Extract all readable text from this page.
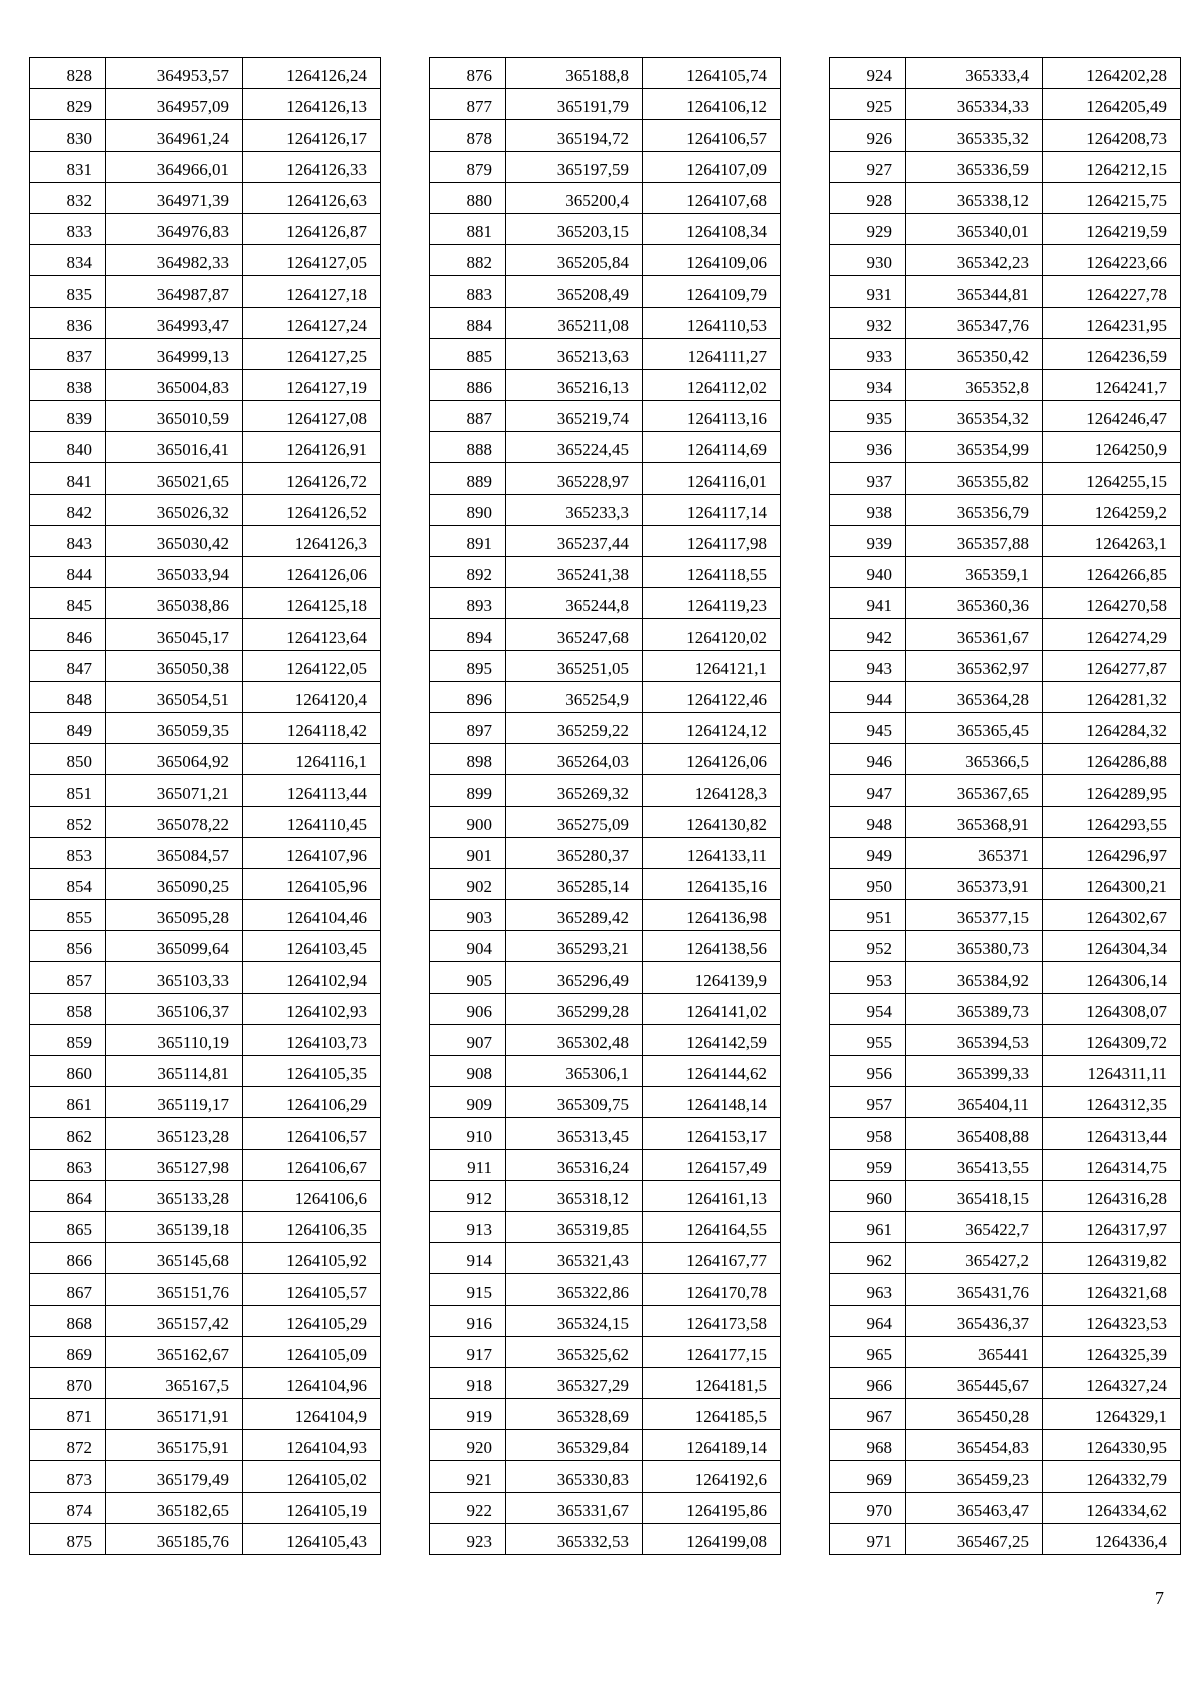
828	364953,57	1264126,24
829	364957,09	1264126,13
830	364961,24	1264126,17
831	364966,01	1264126,33
832	364971,39	1264126,63
833	364976,83	1264126,87
834	364982,33	1264127,05
835	364987,87	1264127,18
836	364993,47	1264127,24
837	364999,13	1264127,25
838	365004,83	1264127,19
839	365010,59	1264127,08
840	365016,41	1264126,91
841	365021,65	1264126,72
842	365026,32	1264126,52
843	365030,42	1264126,3
844	365033,94	1264126,06
845	365038,86	1264125,18
846	365045,17	1264123,64
847	365050,38	1264122,05
848	365054,51	1264120,4
849	365059,35	1264118,42
850	365064,92	1264116,1
851	365071,21	1264113,44
852	365078,22	1264110,45
853	365084,57	1264107,96
854	365090,25	1264105,96
855	365095,28	1264104,46
856	365099,64	1264103,45
857	365103,33	1264102,94
858	365106,37	1264102,93
859	365110,19	1264103,73
860	365114,81	1264105,35
861	365119,17	1264106,29
862	365123,28	1264106,57
863	365127,98	1264106,67
864	365133,28	1264106,6
865	365139,18	1264106,35
866	365145,68	1264105,92
867	365151,76	1264105,57
868	365157,42	1264105,29
869	365162,67	1264105,09
870	365167,5	1264104,96
871	365171,91	1264104,9
872	365175,91	1264104,93
873	365179,49	1264105,02
874	365182,65	1264105,19
875	365185,76	1264105,43
876	365188,8	1264105,74
877	365191,79	1264106,12
878	365194,72	1264106,57
879	365197,59	1264107,09
880	365200,4	1264107,68
881	365203,15	1264108,34
882	365205,84	1264109,06
883	365208,49	1264109,79
884	365211,08	1264110,53
885	365213,63	1264111,27
886	365216,13	1264112,02
887	365219,74	1264113,16
888	365224,45	1264114,69
889	365228,97	1264116,01
890	365233,3	1264117,14
891	365237,44	1264117,98
892	365241,38	1264118,55
893	365244,8	1264119,23
894	365247,68	1264120,02
895	365251,05	1264121,1
896	365254,9	1264122,46
897	365259,22	1264124,12
898	365264,03	1264126,06
899	365269,32	1264128,3
900	365275,09	1264130,82
901	365280,37	1264133,11
902	365285,14	1264135,16
903	365289,42	1264136,98
904	365293,21	1264138,56
905	365296,49	1264139,9
906	365299,28	1264141,02
907	365302,48	1264142,59
908	365306,1	1264144,62
909	365309,75	1264148,14
910	365313,45	1264153,17
911	365316,24	1264157,49
912	365318,12	1264161,13
913	365319,85	1264164,55
914	365321,43	1264167,77
915	365322,86	1264170,78
916	365324,15	1264173,58
917	365325,62	1264177,15
918	365327,29	1264181,5
919	365328,69	1264185,5
920	365329,84	1264189,14
921	365330,83	1264192,6
922	365331,67	1264195,86
923	365332,53	1264199,08
924	365333,4	1264202,28
925	365334,33	1264205,49
926	365335,32	1264208,73
927	365336,59	1264212,15
928	365338,12	1264215,75
929	365340,01	1264219,59
930	365342,23	1264223,66
931	365344,81	1264227,78
932	365347,76	1264231,95
933	365350,42	1264236,59
934	365352,8	1264241,7
935	365354,32	1264246,47
936	365354,99	1264250,9
937	365355,82	1264255,15
938	365356,79	1264259,2
939	365357,88	1264263,1
940	365359,1	1264266,85
941	365360,36	1264270,58
942	365361,67	1264274,29
943	365362,97	1264277,87
944	365364,28	1264281,32
945	365365,45	1264284,32
946	365366,5	1264286,88
947	365367,65	1264289,95
948	365368,91	1264293,55
949	365371	1264296,97
950	365373,91	1264300,21
951	365377,15	1264302,67
952	365380,73	1264304,34
953	365384,92	1264306,14
954	365389,73	1264308,07
955	365394,53	1264309,72
956	365399,33	1264311,11
957	365404,11	1264312,35
958	365408,88	1264313,44
959	365413,55	1264314,75
960	365418,15	1264316,28
961	365422,7	1264317,97
962	365427,2	1264319,82
963	365431,76	1264321,68
964	365436,37	1264323,53
965	365441	1264325,39
966	365445,67	1264327,24
967	365450,28	1264329,1
968	365454,83	1264330,95
969	365459,23	1264332,79
970	365463,47	1264334,62
971	365467,25	1264336,4
7
